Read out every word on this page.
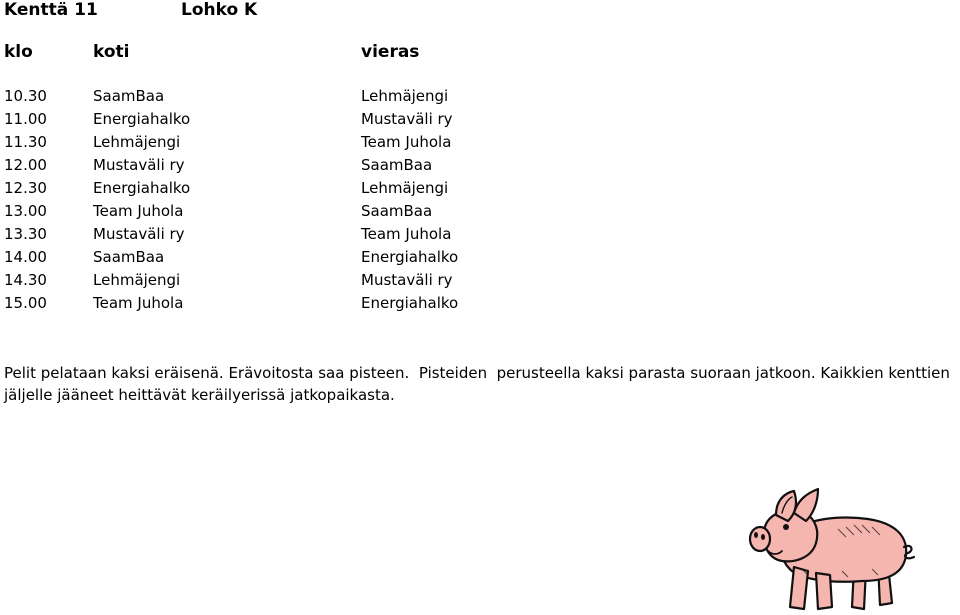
Kenttä 11	Lohko K
klo	koti	vieras
10.30	SaamBaa	Lehmäjengi
11.00	Energiahalko	Mustaväli ry
11.30	Lehmäjengi	Team Juhola
12.00	Mustaväli ry	SaamBaa
12.30	Energiahalko	Lehmäjengi
13.00	Team Juhola	SaamBaa
13.30	Mustaväli ry	Team Juhola
14.00	SaamBaa	Energiahalko
14.30	Lehmäjengi	Mustaväli ry
15.00	Team Juhola	Energiahalko
Pelit pelataan kaksi eräisenä. Erävoitosta saa pisteen.  Pisteiden  perusteella kaksi parasta suoraan jatkoon. Kaikkien kenttien jäljelle jääneet heittävät keräilyerissä jatkopaikasta.
